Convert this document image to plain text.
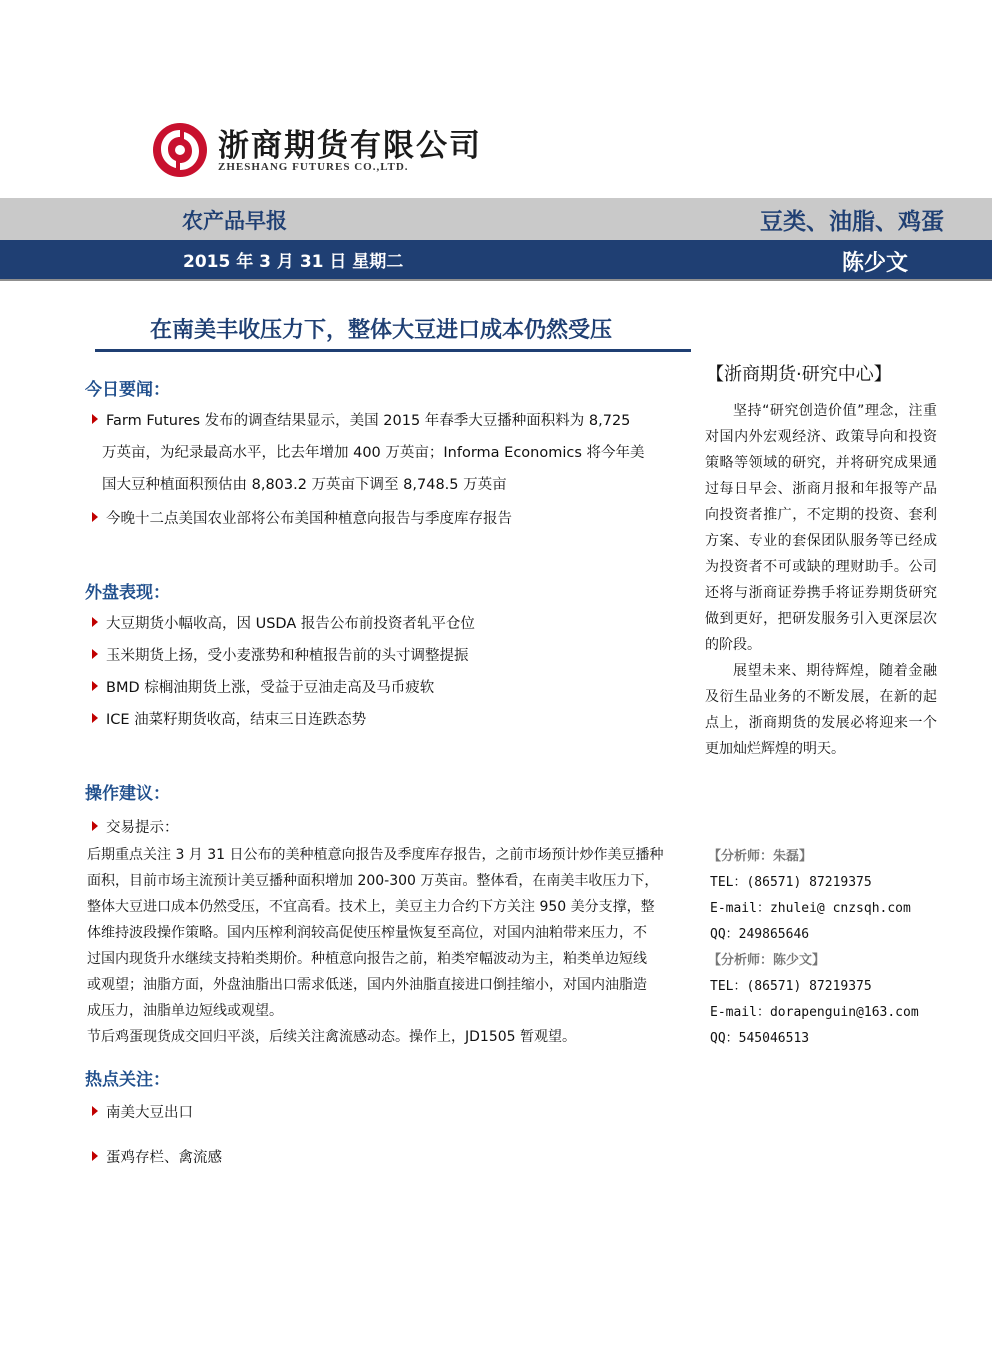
浙商期货有限公司
ZHESHANG FUTURES CO.,LTD.
农产品早报	豆类、油脂、鸡蛋
2015 年 3 月 31 日 星期二	陈少文
在南美丰收压力下，整体大豆进口成本仍然受压
今日要闻：
Farm Futures 发布的调查结果显示，美国 2015 年春季大豆播种面积料为 8,725
万英亩，为纪录最高水平，比去年增加 400 万英亩；Informa Economics 将今年美
国大豆种植面积预估由 8,803.2 万英亩下调至 8,748.5 万英亩
今晚十二点美国农业部将公布美国种植意向报告与季度库存报告
外盘表现：
大豆期货小幅收高，因 USDA 报告公布前投资者轧平仓位
玉米期货上扬，受小麦涨势和种植报告前的头寸调整提振
BMD 棕榈油期货上涨，受益于豆油走高及马币疲软
ICE 油菜籽期货收高，结束三日连跌态势
操作建议：
交易提示：
后期重点关注 3 月 31 日公布的美种植意向报告及季度库存报告，之前市场预计炒作美豆播种
面积，目前市场主流预计美豆播种面积增加 200-300 万英亩。整体看，在南美丰收压力下，
整体大豆进口成本仍然受压，不宜高看。技术上，美豆主力合约下方关注 950 美分支撑，整
体维持波段操作策略。国内压榨利润较高促使压榨量恢复至高位，对国内油粕带来压力，不
过国内现货升水继续支持粕类期价。种植意向报告之前，粕类窄幅波动为主，粕类单边短线
或观望；油脂方面，外盘油脂出口需求低迷，国内外油脂直接进口倒挂缩小，对国内油脂造
成压力，油脂单边短线或观望。
节后鸡蛋现货成交回归平淡，后续关注禽流感动态。操作上，JD1505 暂观望。
热点关注：
南美大豆出口
蛋鸡存栏、禽流感
【浙商期货·研究中心】

坚持“研究创造价值”理念，注重对国内外宏观经济、政策导向和投资策略等领域的研究，并将研究成果通过每日早会、浙商月报和年报等产品向投资者推广，不定期的投资、套利方案、专业的套保团队服务等已经成为投资者不可或缺的理财助手。公司还将与浙商证券携手将证券期货研究做到更好，把研发服务引入更深层次的阶段。

展望未来、期待辉煌，随着金融及衍生品业务的不断发展，在新的起点上，浙商期货的发展必将迎来一个更加灿烂辉煌的明天。

【分析师：朱磊】
TEL：(86571) 87219375
E-mail：zhulei@ cnzsqh.com
QQ：249865646
【分析师：陈少文】
TEL：(86571) 87219375
E-mail：dorapenguin@163.com
QQ：545046513
